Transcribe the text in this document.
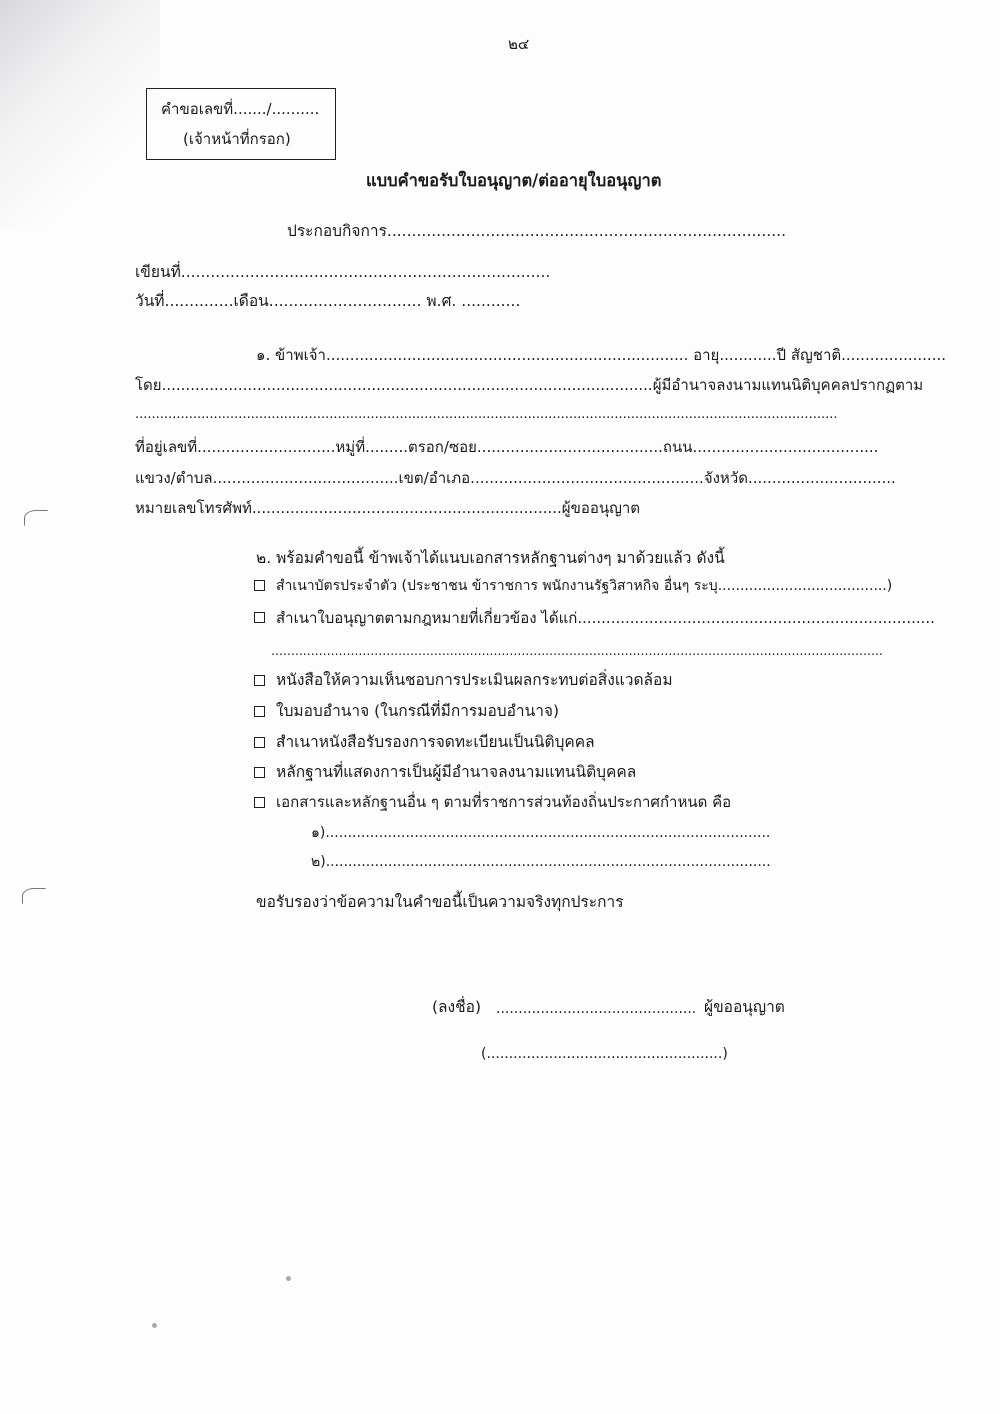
๒๔
คำขอเลขที่......./..........
(เจ้าหน้าที่กรอก)
แบบคำขอรับใบอนุญาต/ต่ออายุใบอนุญาต
ประกอบกิจการ.................................................................................
เขียนที่...........................................................................
วันที่..............เดือน............................... พ.ศ. ............
๑. ข้าพเจ้า............................................................................ อายุ............ปี สัญชาติ......................
โดย.......................................................................................................ผู้มีอำนาจลงนามแทนนิติบุคคลปรากฏตาม
..........................................................................................................................................................................
ที่อยู่เลขที่.............................หมู่ที่.........ตรอก/ซอย.......................................ถนน.......................................
แขวง/ตำบล.......................................เขต/อำเภอ.................................................จังหวัด...............................
หมายเลขโทรศัพท์.................................................................ผู้ขออนุญาต
๒. พร้อมคำขอนี้ ข้าพเจ้าได้แนบเอกสารหลักฐานต่างๆ มาด้วยแล้ว ดังนี้
สำเนาบัตรประจำตัว (ประชาชน ข้าราชการ พนักงานรัฐวิสาหกิจ อื่นๆ ระบุ......................................)
สำเนาใบอนุญาตตามกฎหมายที่เกี่ยวข้อง ได้แก่...........................................................................
..........................................................................................................................................................
หนังสือให้ความเห็นชอบการประเมินผลกระทบต่อสิ่งแวดล้อม
ใบมอบอำนาจ (ในกรณีที่มีการมอบอำนาจ)
สำเนาหนังสือรับรองการจดทะเบียนเป็นนิติบุคคล
หลักฐานที่แสดงการเป็นผู้มีอำนาจลงนามแทนนิติบุคคล
เอกสารและหลักฐานอื่น ๆ ตามที่ราชการส่วนท้องถิ่นประกาศกำหนด คือ
๑)....................................................................................................
๒)....................................................................................................
ขอรับรองว่าข้อความในคำขอนี้เป็นความจริงทุกประการ
(ลงชื่อ) ............................................. ผู้ขออนุญาต
(.....................................................)
